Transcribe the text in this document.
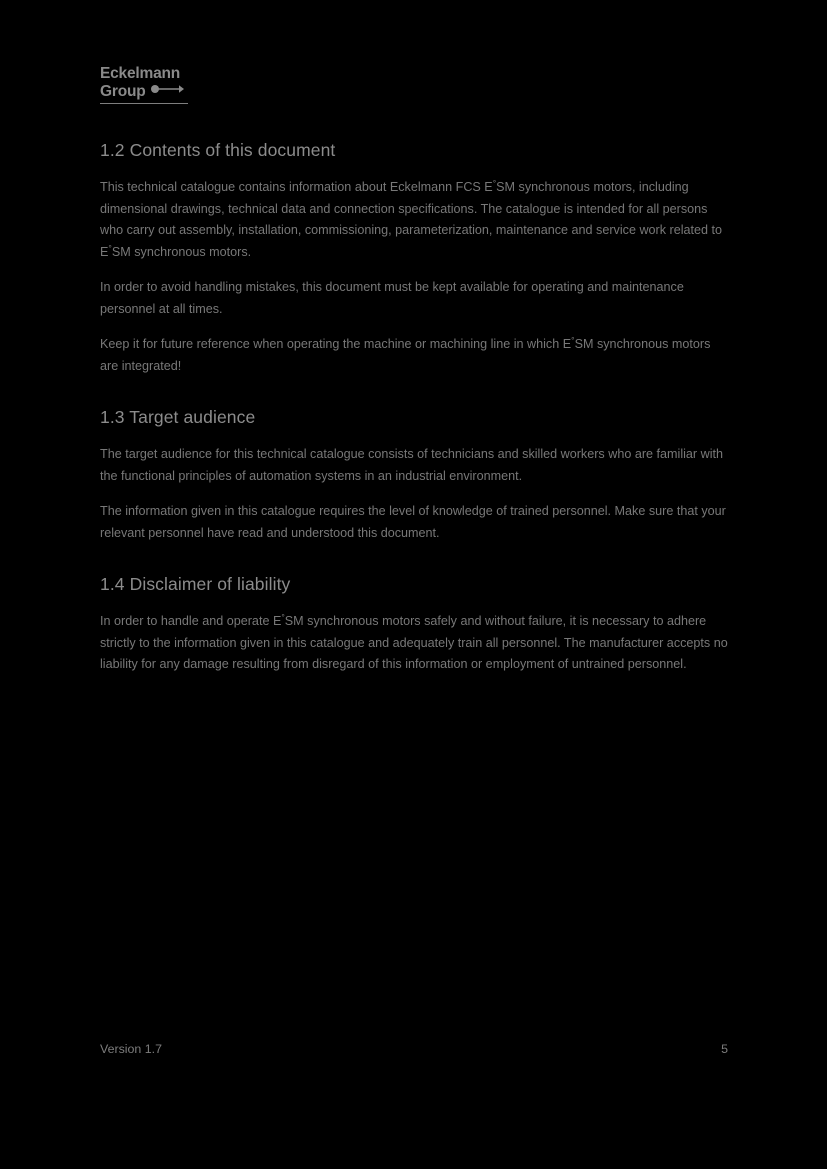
Eckelmann
Group
1.2 Contents of this document

This technical catalogue contains information about Eckelmann FCS E°SM synchronous motors, including dimensional drawings, technical data and connection specifications. The catalogue is intended for all persons who carry out assembly, installation, commissioning, parameterization, maintenance and service work related to E°SM synchronous motors.

In order to avoid handling mistakes, this document must be kept available for operating and maintenance personnel at all times.

Keep it for future reference when operating the machine or machining line in which E°SM synchronous motors are integrated!

1.3 Target audience

The target audience for this technical catalogue consists of technicians and skilled workers who are familiar with the functional principles of automation systems in an industrial environment.

The information given in this catalogue requires the level of knowledge of trained personnel. Make sure that your relevant personnel have read and understood this document.

1.4 Disclaimer of liability

In order to handle and operate E°SM synchronous motors safely and without failure, it is necessary to adhere strictly to the information given in this catalogue and adequately train all personnel. The manufacturer accepts no liability for any damage resulting from disregard of this information or employment of untrained personnel.

Version 1.7	5
